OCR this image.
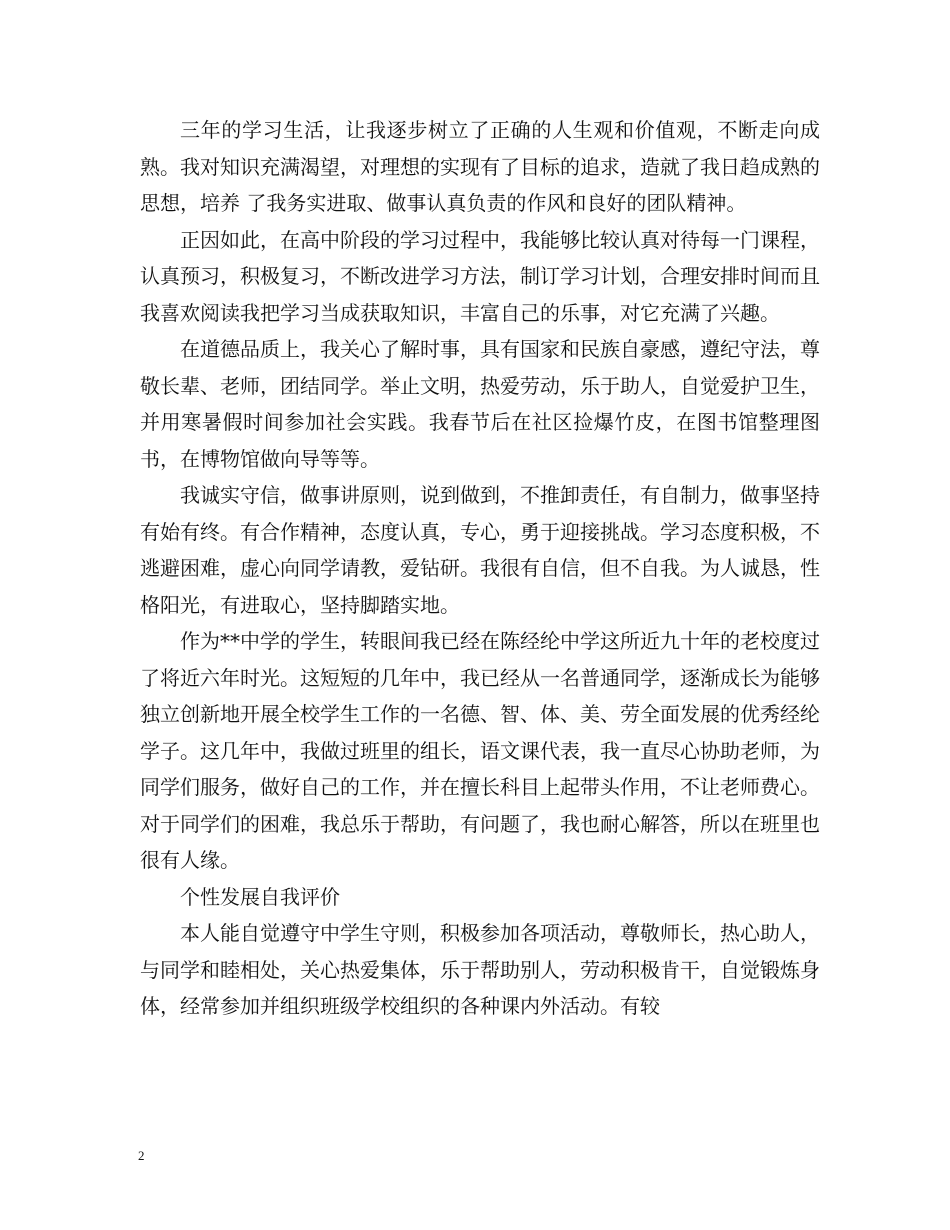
三年的学习生活，让我逐步树立了正确的人生观和价值观，不断走向成熟。我对知识充满渴望，对理想的实现有了目标的追求，造就了我日趋成熟的思想，培养 了我务实进取、做事认真负责的作风和良好的团队精神。

正因如此，在高中阶段的学习过程中，我能够比较认真对待每一门课程，认真预习，积极复习，不断改进学习方法，制订学习计划，合理安排时间而且我喜欢阅读我把学习当成获取知识，丰富自己的乐事，对它充满了兴趣。

在道德品质上，我关心了解时事，具有国家和民族自豪感，遵纪守法，尊敬长辈、老师，团结同学。举止文明，热爱劳动，乐于助人，自觉爱护卫生，并用寒暑假时间参加社会实践。我春节后在社区捡爆竹皮，在图书馆整理图书，在博物馆做向导等等。

我诚实守信，做事讲原则，说到做到，不推卸责任，有自制力，做事坚持有始有终。有合作精神，态度认真，专心，勇于迎接挑战。学习态度积极，不逃避困难，虚心向同学请教，爱钻研。我很有自信，但不自我。为人诚恳，性格阳光，有进取心，坚持脚踏实地。

作为**中学的学生，转眼间我已经在陈经纶中学这所近九十年的老校度过了将近六年时光。这短短的几年中，我已经从一名普通同学，逐渐成长为能够独立创新地开展全校学生工作的一名德、智、体、美、劳全面发展的优秀经纶学子。这几年中，我做过班里的组长，语文课代表，我一直尽心协助老师，为同学们服务，做好自己的工作，并在擅长科目上起带头作用，不让老师费心。对于同学们的困难，我总乐于帮助，有问题了，我也耐心解答，所以在班里也很有人缘。

个性发展自我评价

本人能自觉遵守中学生守则，积极参加各项活动，尊敬师长，热心助人，与同学和睦相处，关心热爱集体，乐于帮助别人，劳动积极肯干，自觉锻炼身体，经常参加并组织班级学校组织的各种课内外活动。有较

2
